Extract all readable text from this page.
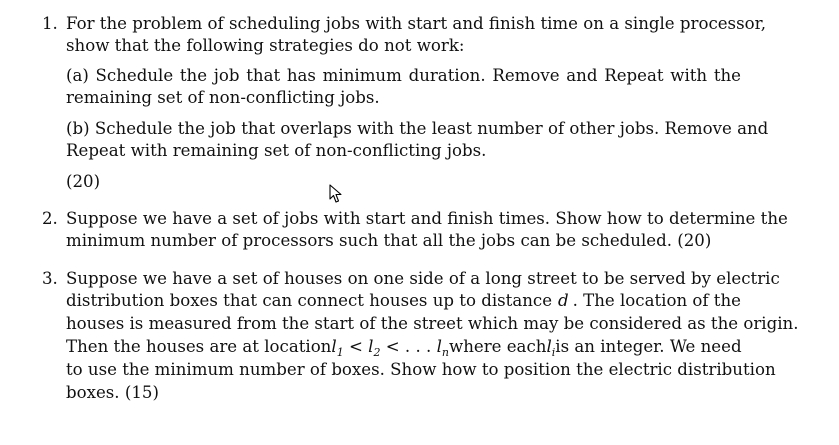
1. For the problem of scheduling jobs with start and finish time on a single processor,
show that the following strategies do not work:
(a) Schedule the job that has minimum duration. Remove and Repeat with the
remaining set of non-conflicting jobs.
(b) Schedule the job that overlaps with the least number of other jobs. Remove and
Repeat with remaining set of non-conflicting jobs.
(20)
2. Suppose we have a set of jobs with start and finish times. Show how to determine the
minimum number of processors such that all the jobs can be scheduled. (20)
3. Suppose we have a set of houses on one side of a long street to be served by electric
distribution boxes that can connect houses up to distance d . The location of the
houses is measured from the start of the street which may be considered as the origin.
Then the houses are at location $l_1 < l_2$ < . . . $l_n$ where each $l_i$ is an integer. We need
to use the minimum number of boxes. Show how to position the electric distribution
boxes. (15)
